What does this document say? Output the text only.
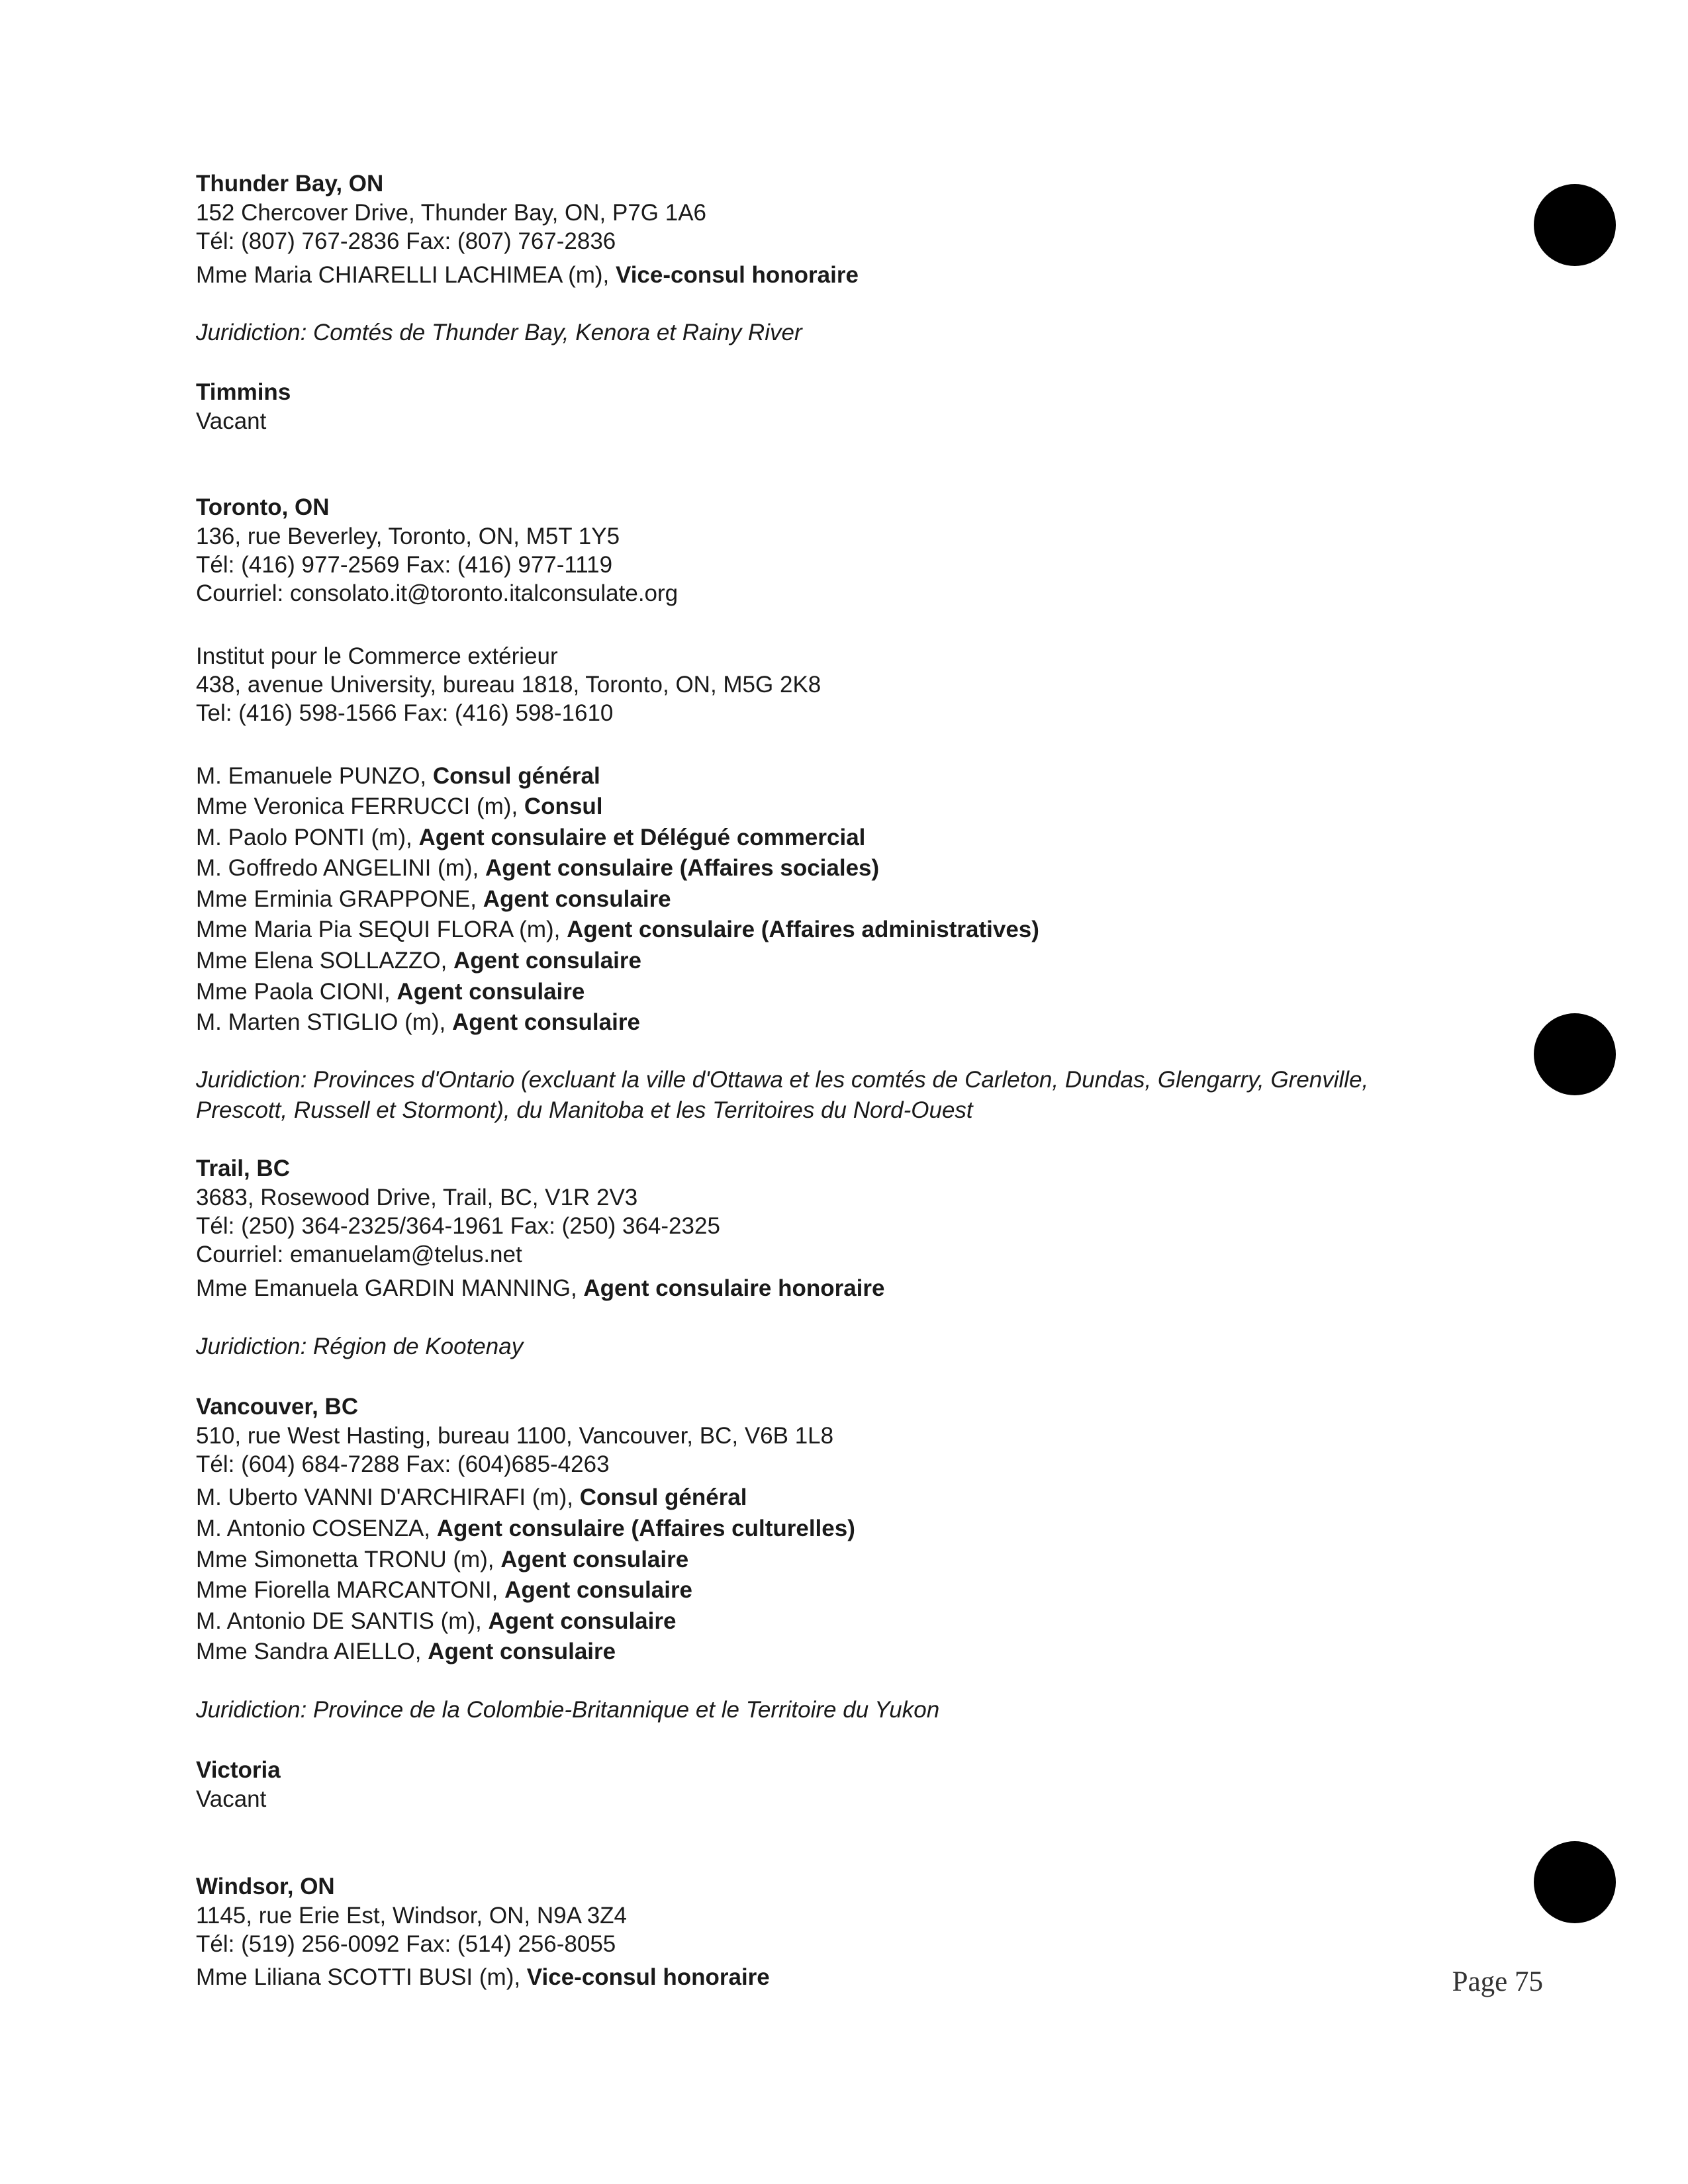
Thunder Bay, ON
152 Chercover Drive, Thunder Bay, ON, P7G 1A6
Tél: (807) 767-2836 Fax: (807) 767-2836
Mme Maria CHIARELLI LACHIMEA (m), Vice-consul honoraire
Juridiction: Comtés de Thunder Bay, Kenora et Rainy River
Timmins
Vacant
Toronto, ON
136, rue Beverley, Toronto, ON, M5T 1Y5
Tél: (416) 977-2569 Fax: (416) 977-1119
Courriel: consolato.it@toronto.italconsulate.org
Institut pour le Commerce extérieur
438, avenue University, bureau 1818, Toronto, ON, M5G 2K8
Tel: (416) 598-1566 Fax: (416) 598-1610
M. Emanuele PUNZO, Consul général
Mme Veronica FERRUCCI (m), Consul
M. Paolo PONTI (m), Agent consulaire et Délégué commercial
M. Goffredo ANGELINI (m), Agent consulaire (Affaires sociales)
Mme Erminia GRAPPONE, Agent consulaire
Mme Maria Pia SEQUI FLORA (m), Agent consulaire (Affaires administratives)
Mme Elena SOLLAZZO, Agent consulaire
Mme Paola CIONI, Agent consulaire
M. Marten STIGLIO (m), Agent consulaire
Juridiction: Provinces d'Ontario (excluant la ville d'Ottawa et les comtés de Carleton, Dundas, Glengarry, Grenville, Prescott, Russell et Stormont), du Manitoba et les Territoires du Nord-Ouest
Trail, BC
3683, Rosewood Drive, Trail, BC, V1R 2V3
Tél: (250) 364-2325/364-1961 Fax: (250) 364-2325
Courriel: emanuelam@telus.net
Mme Emanuela GARDIN MANNING, Agent consulaire honoraire
Juridiction: Région de Kootenay
Vancouver, BC
510, rue West Hasting, bureau 1100, Vancouver, BC, V6B 1L8
Tél: (604) 684-7288 Fax: (604)685-4263
M. Uberto VANNI D'ARCHIRAFI (m), Consul général
M. Antonio COSENZA, Agent consulaire (Affaires culturelles)
Mme Simonetta TRONU (m), Agent consulaire
Mme Fiorella MARCANTONI, Agent consulaire
M. Antonio DE SANTIS (m), Agent consulaire
Mme Sandra AIELLO, Agent consulaire
Juridiction: Province de la Colombie-Britannique et le Territoire du Yukon
Victoria
Vacant
Windsor, ON
1145, rue Erie Est, Windsor, ON, N9A 3Z4
Tél: (519) 256-0092 Fax: (514) 256-8055
Mme Liliana SCOTTI BUSI (m), Vice-consul honoraire	Page 75
